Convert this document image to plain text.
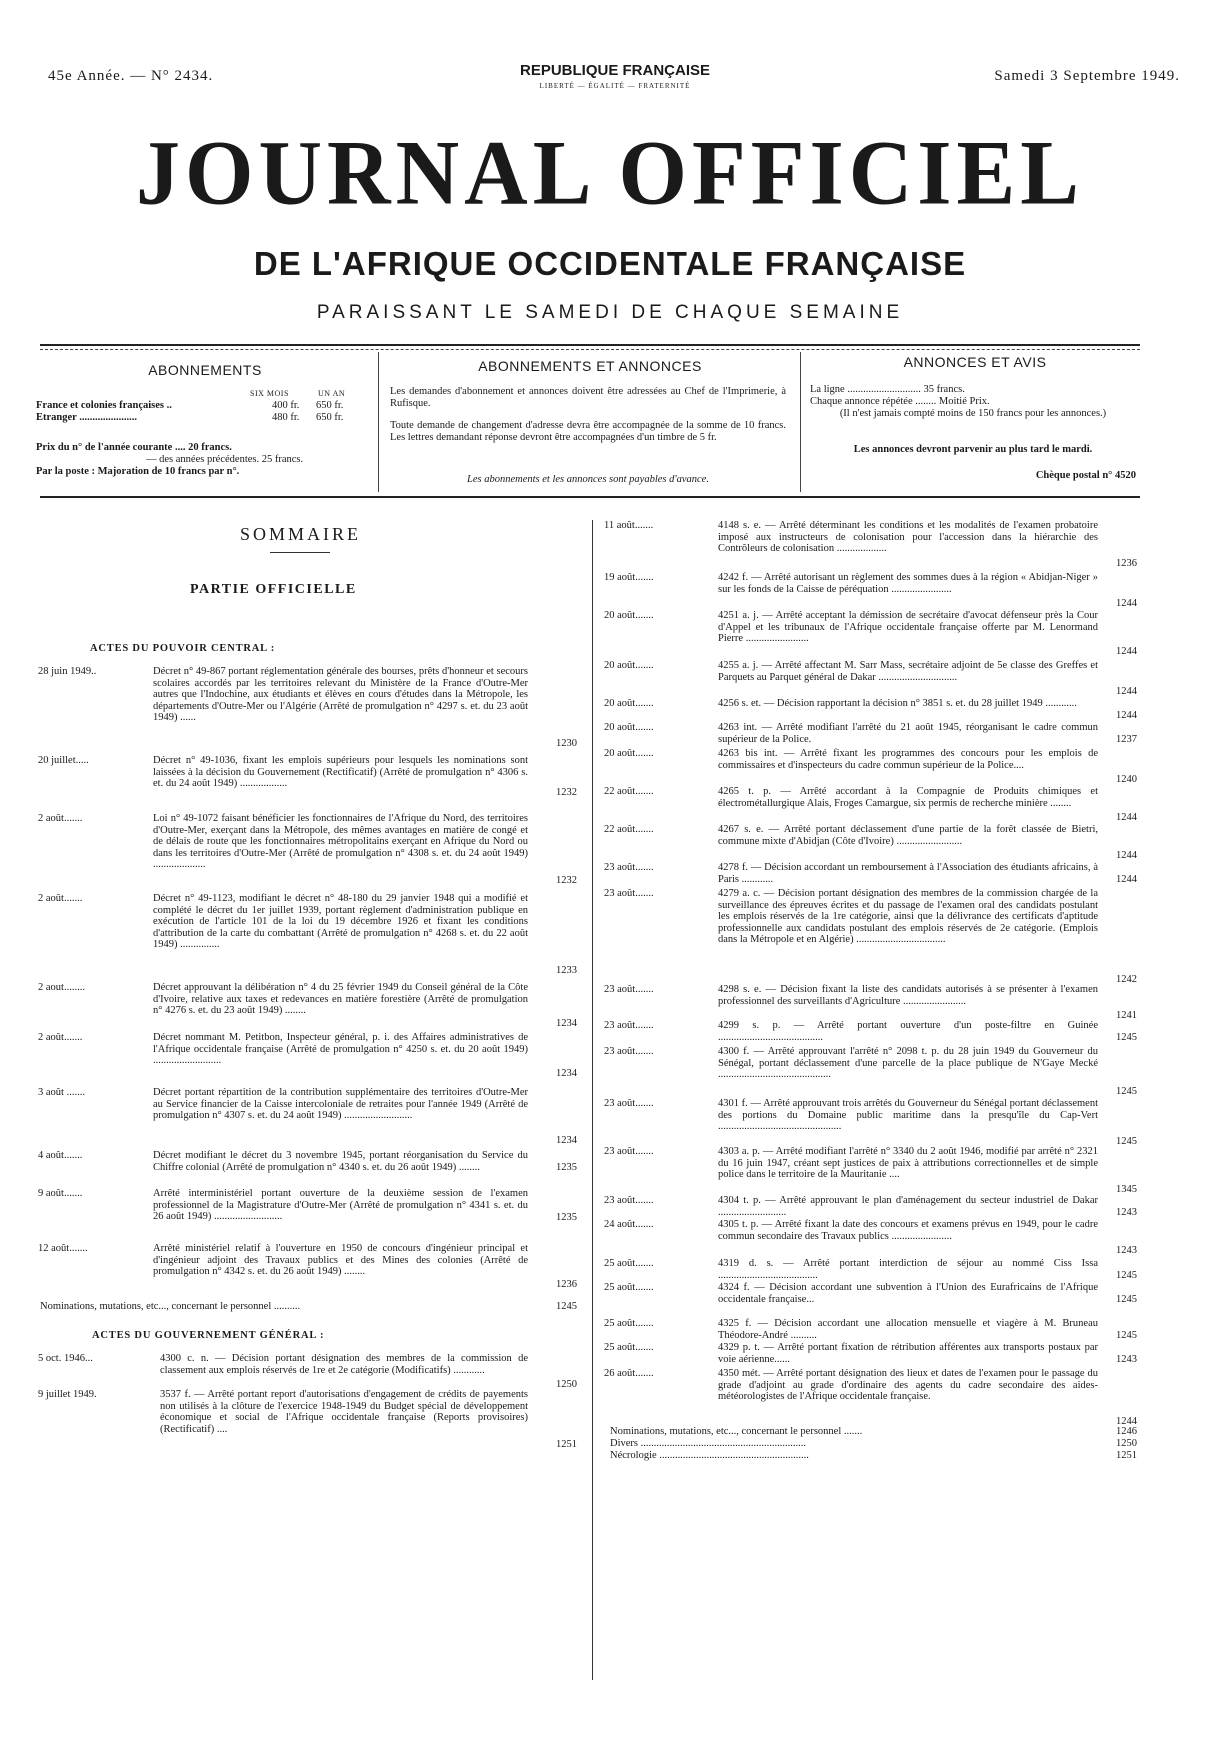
45e Année. — N° 2434.	REPUBLIQUE FRANÇAISE
LIBERTÉ — ÉGALITÉ — FRATERNITÉ
Samedi 3 Septembre 1949.
JOURNAL OFFICIEL
DE L'AFRIQUE OCCIDENTALE FRANÇAISE
PARAISSANT LE SAMEDI DE CHAQUE SEMAINE
ABONNEMENTS
SIX MOIS	UN AN
France et colonies françaises ..	400 fr. 650 fr.
Etranger ......................	480 fr. 650 fr.
Prix du n° de l'année courante .... 20 francs.
— des années précédentes. 25 francs.
Par la poste : Majoration de 10 francs par n°.
ABONNEMENTS ET ANNONCES
Les demandes d'abonnement et annonces doivent être adressées au Chef de l'Imprimerie, à Rufisque.
Toute demande de changement d'adresse devra être accompagnée de la somme de 10 francs. Les lettres demandant réponse devront être accompagnées d'un timbre de 5 fr.
Les abonnements et les annonces sont payables d'avance.
ANNONCES ET AVIS
La ligne ............................ 35 francs.
Chaque annonce répétée ........ Moitié Prix.
(Il n'est jamais compté moins de 150 francs pour les annonces.)
Les annonces devront parvenir au plus tard le mardi.
Chèque postal n° 4520
SOMMAIRE
PARTIE OFFICIELLE
ACTES DU POUVOIR CENTRAL :
28 juin 1949..	Décret n° 49-867 portant réglementation générale des bourses, prêts d'honneur et secours scolaires accordés par les territoires relevant du Ministère de la France d'Outre-Mer autres que l'Indochine, aux étudiants et élèves en cours d'études dans la Métropole, les départements d'Outre-Mer ou l'Algérie (Arrêté de promulgation n° 4297 s. et. du 23 août 1949) ......
1230
20 juillet.....	Décret n° 49-1036, fixant les emplois supérieurs pour lesquels les nominations sont laissées à la décision du Gouvernement (Rectificatif) (Arrêté de promulgation n° 4306 s. et. du 24 août 1949) ..................
1232
2 août.......	Loi n° 49-1072 faisant bénéficier les fonctionnaires de l'Afrique du Nord, des territoires d'Outre-Mer, exerçant dans la Métropole, des mêmes avantages en matière de congé et de délais de route que les fonctionnaires métropolitains exerçant en Afrique du Nord ou dans les territoires d'Outre-Mer (Arrêté de promulgation n° 4308 s. et. du 24 août 1949) ....................
1232
2 août.......	Décret n° 49-1123, modifiant le décret n° 48-180 du 29 janvier 1948 qui a modifié et complété le décret du 1er juillet 1939, portant règlement d'administration publique en exécution de l'article 101 de la loi du 19 décembre 1926 et fixant les conditions d'attribution de la carte du combattant (Arrêté de promulgation n° 4268 s. et. du 22 août 1949) ...............
1233
2 aout........	Décret approuvant la délibération n° 4 du 25 février 1949 du Conseil général de la Côte d'Ivoire, relative aux taxes et redevances en matière forestière (Arrêté de promulgation n° 4276 s. et. du 23 août 1949) ........
1234
2 août.......	Décret nommant M. Petitbon, Inspecteur général, p. i. des Affaires administratives de l'Afrique occidentale française (Arrêté de promulgation n° 4250 s. et. du 20 août 1949) ..........................
1234
3 août .......	Décret portant répartition de la contribution supplémentaire des territoires d'Outre-Mer au Service financier de la Caisse intercoloniale de retraites pour l'année 1949 (Arrêté de promulgation n° 4307 s. et. du 24 août 1949) ..........................
1234
4 août.......	Décret modifiant le décret du 3 novembre 1945, portant réorganisation du Service du Chiffre colonial (Arrêté de promulgation n° 4340 s. et. du 26 août 1949) ........	1235
9 août.......	Arrêté interministériel portant ouverture de la deuxième session de l'examen professionnel de la Magistrature d'Outre-Mer (Arrêté de promulgation n° 4341 s. et. du 26 août 1949) ..........................	1235
12 août.......	Arrêté ministériel relatif à l'ouverture en 1950 de concours d'ingénieur principal et d'ingénieur adjoint des Travaux publics et des Mines des colonies (Arrêté de promulgation n° 4342 s. et. du 26 août 1949) ........
1236
Nominations, mutations, etc..., concernant le personnel ..........	1245
ACTES DU GOUVERNEMENT GÉNÉRAL :
5 oct. 1946...	4300 c. n. — Décision portant désignation des membres de la commission de classement aux emplois réservés de 1re et 2e catégorie (Modificatifs) ............
1250
9 juillet 1949.	3537 f. — Arrêté portant report d'autorisations d'engagement de crédits de payements non utilisés à la clôture de l'exercice 1948-1949 du Budget spécial de développement économique et social de l'Afrique occidentale française (Reports provisoires) (Rectificatif) ....
1251
11 août.......	4148 s. e. — Arrêté déterminant les conditions et les modalités de l'examen probatoire imposé aux instructeurs de colonisation pour l'accession dans la hiérarchie des Contrôleurs de colonisation ...................
1236
19 août.......	4242 f. — Arrêté autorisant un règlement des sommes dues à la région « Abidjan-Niger » sur les fonds de la Caisse de péréquation .......................
1244
20 août.......	4251 a. j. — Arrêté acceptant la démission de secrétaire d'avocat défenseur près la Cour d'Appel et les tribunaux de l'Afrique occidentale française offerte par M. Lenormand Pierre ........................
1244
20 août.......	4255 a. j. — Arrêté affectant M. Sarr Mass, secrétaire adjoint de 5e classe des Greffes et Parquets au Parquet général de Dakar ..............................
1244
20 août.......	4256 s. et. — Décision rapportant la décision n° 3851 s. et. du 28 juillet 1949 ............
1244
20 août.......	4263 int. — Arrêté modifiant l'arrêté du 21 août 1945, réorganisant le cadre commun supérieur de la Police.	1237
20 août.......	4263 bis int. — Arrêté fixant les programmes des concours pour les emplois de commissaires et d'inspecteurs du cadre commun supérieur de la Police....
1240
22 août.......	4265 t. p. — Arrêté accordant à la Compagnie de Produits chimiques et électrométallurgique Alais, Froges Camargue, six permis de recherche minière ........
1244
22 août.......	4267 s. e. — Arrêté portant déclassement d'une partie de la forêt classée de Bietri, commune mixte d'Abidjan (Côte d'Ivoire) .........................
1244
23 août.......	4278 f. — Décision accordant un remboursement à l'Association des étudiants africains, à Paris ............	1244
23 août.......	4279 a. c. — Décision portant désignation des membres de la commission chargée de la surveillance des épreuves écrites et du passage de l'examen oral des candidats postulant les emplois réservés de la 1re catégorie, ainsi que la délivrance des certificats d'aptitude professionnelle aux candidats postulant des emplois réservés de 2e catégorie. (Emplois dans la Métropole et en Algérie) ..................................
1242
23 août.......	4298 s. e. — Décision fixant la liste des candidats autorisés à se présenter à l'examen professionnel des surveillants d'Agriculture ........................
1241
23 août.......	4299 s. p. — Arrêté portant ouverture d'un poste-filtre en Guinée ........................................	1245
23 août.......	4300 f. — Arrêté approuvant l'arrêté n° 2098 t. p. du 28 juin 1949 du Gouverneur du Sénégal, portant déclassement d'une parcelle de la place publique de N'Gaye Mecké ...........................................
1245
23 août.......	4301 f. — Arrêté approuvant trois arrêtés du Gouverneur du Sénégal portant déclassement des portions du Domaine public maritime dans la presqu'île du Cap-Vert ...............................................
1245
23 août.......	4303 a. p. — Arrêté modifiant l'arrêté n° 3340 du 2 août 1946, modifié par arrêté n° 2321 du 16 juin 1947, créant sept justices de paix à attributions correctionnelles et de simple police dans le territoire de la Mauritanie ....
1345
23 août.......	4304 t. p. — Arrêté approuvant le plan d'aménagement du secteur industriel de Dakar ..........................	1243
24 août.......	4305 t. p. — Arrêté fixant la date des concours et examens prévus en 1949, pour le cadre commun secondaire des Travaux publics .......................
1243
25 août.......	4319 d. s. — Arrêté portant interdiction de séjour au nommé Ciss Issa ......................................	1245
25 août.......	4324 f. — Décision accordant une subvention à l'Union des Eurafricains de l'Afrique occidentale française...	1245
25 août.......	4325 f. — Décision accordant une allocation mensuelle et viagère à M. Bruneau Théodore-André ..........	1245
25 août.......	4329 p. t. — Arrêté portant fixation de rétribution afférentes aux transports postaux par voie aérienne......	1243
26 août.......	4350 mét. — Arrêté portant désignation des lieux et dates de l'examen pour le passage du grade d'adjoint au grade d'ordinaire des agents du cadre secondaire des aides-météorologistes de l'Afrique occidentale française.
1244
Nominations, mutations, etc..., concernant le personnel .......	1246
Divers ...............................................................	1250
Nécrologie .........................................................	1251
